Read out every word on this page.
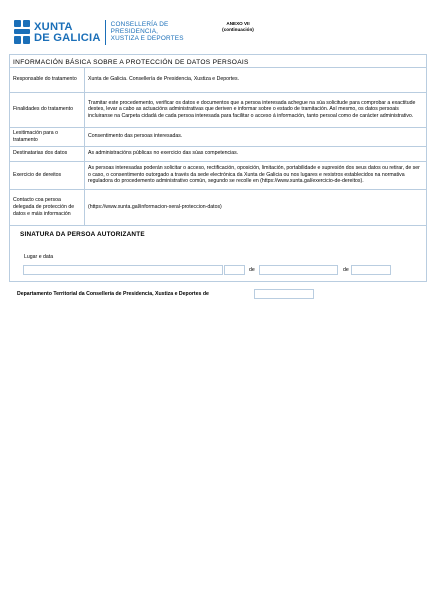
XUNTA
DE GALICIA
CONSELLERÍA DE
PRESIDENCIA,
XUSTIZA E DEPORTES
ANEXO VII
(continuación)
INFORMACIÓN BÁSICA SOBRE A PROTECCIÓN DE DATOS PERSOAIS
Responsable do tratamento	Xunta de Galicia. Consellería de Presidencia, Xustiza e Deportes.
Finalidades do tratamento	Tramitar este procedemento, verificar os datos e documentos que a persoa interesada achegue na súa solicitude para comprobar a exactitude destes, levar a cabo as actuacións administrativas que deriven e informar sobre o estado de tramitación. Así mesmo, os datos persoais incluiranse na Carpeta cidadá de cada persoa interesada para facilitar o acceso á información, tanto persoal como de carácter administrativo.
Lexitimación para o tratamento	Consentimento das persoas interesadas.
Destinatarias dos datos	As administracións públicas no exercicio das súas competencias.
Exercicio de dereitos	As persoas interesadas poderán solicitar o acceso, rectificación, oposición, limitación, portabilidade e supresión dos seus datos ou retirar, de ser o caso, o consentimento outorgado a través da sede electrónica da Xunta de Galicia ou nos lugares e rexistros establecidos na normativa reguladora do procedemento administrativo común, segundo se recolle en (https://www.xunta.gal/exercicio-de-dereitos).
Contacto coa persoa delegada de protección de datos e máis información	(https://www.xunta.gal/informacion-xeral-proteccion-datos)
SINATURA DA PERSOA AUTORIZANTE
Lugar e data
de	de
Departamento Territorial da Consellería de Presidencia, Xustiza e Deportes de
